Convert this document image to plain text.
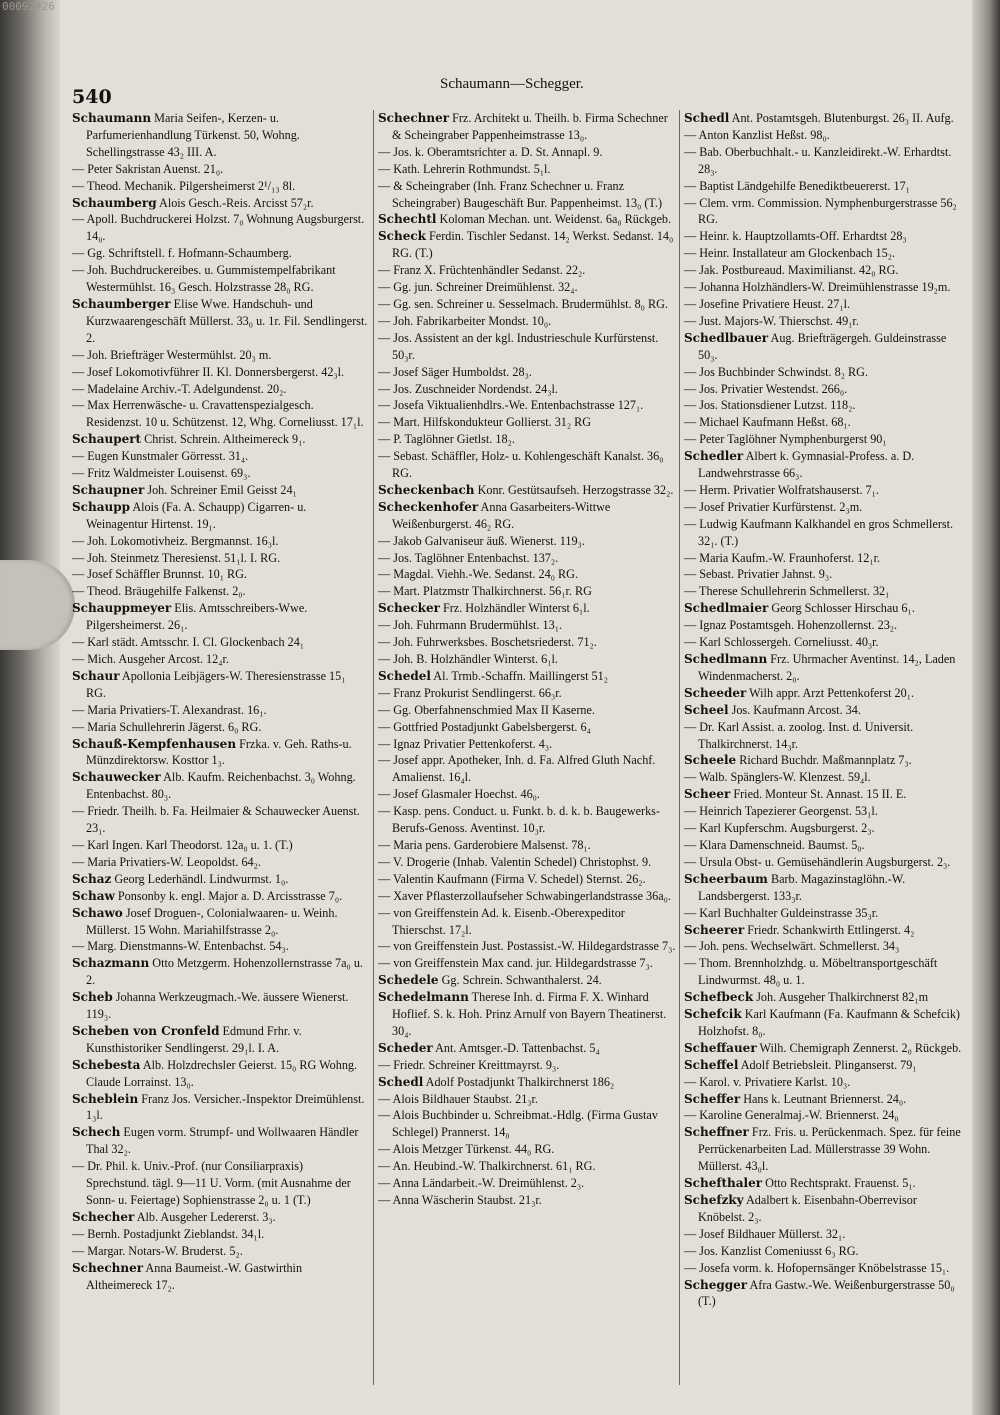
00092426
540
Schaumann—Schegger.

Schaumann Maria Seifen-, Kerzen- u. Parfumerienhandlung Türkenst. 50, Wohng. Schellingstrasse 43₂ III. A.

— Peter Sakristan Auenst. 21₀.

— Theod. Mechanik. Pilgersheimerst 2¹/₁₃ 8l.

Schaumberg Alois Gesch.-Reis. Arcisst 57₂r.

— Apoll. Buchdruckerei Holzst. 7₀ Wohnung Augsburgerst. 14₀.

— Gg. Schriftstell. f. Hofmann-Schaumberg.

— Joh. Buchdruckereibes. u. Gummistempelfabrikant Westermühlst. 16₃ Gesch. Holzstrasse 28₀ RG.

Schaumberger Elise Wwe. Handschuh- und Kurzwaarengeschäft Müllerst. 33₀ u. 1r. Fil. Sendlingerst. 2.

— Joh. Briefträger Westermühlst. 20₃ m.

— Josef Lokomotivführer II. Kl. Donnersbergerst. 42₃l.

— Madelaine Archiv.-T. Adelgundenst. 20₂.

— Max Herrenwäsche- u. Cravattenspezialgesch. Residenzst. 10 u. Schützenst. 12, Whg. Corneliusst. 17₁l.

Schaupert Christ. Schrein. Altheimereck 9₁.

— Eugen Kunstmaler Görresst. 31₄.

— Fritz Waldmeister Louisenst. 69₃.

Schaupner Joh. Schreiner Emil Geisst 24₁

Schaupp Alois (Fa. A. Schaupp) Cigarren- u. Weinagentur Hirtenst. 19₁.

— Joh. Lokomotivheiz. Bergmannst. 16₃l.

— Joh. Steinmetz Theresienst. 51₁l. I. RG.

— Josef Schäffler Brunnst. 10₁ RG.

— Theod. Bräugehilfe Falkenst. 2₀.

Schauppmeyer Elis. Amtsschreibers-Wwe. Pilgersheimerst. 26₁.

— Karl städt. Amtsschr. I. Cl. Glockenbach 24₁

— Mich. Ausgeher Arcost. 12₄r.

Schaur Apollonia Leibjägers-W. Theresienstrasse 15₁ RG.

— Maria Privatiers-T. Alexandrast. 16₁.

— Maria Schullehrerin Jägerst. 6₀ RG.

Schauß-Kempfenhausen Frzka. v. Geh. Raths-u. Münzdirektorsw. Kosttor 1₃.

Schauwecker Alb. Kaufm. Reichenbachst. 3₀ Wohng. Entenbachst. 80₃.

— Friedr. Theilh. b. Fa. Heilmaier & Schauwecker Auenst. 23₁.

— Karl Ingen. Karl Theodorst. 12a₀ u. 1. (T.)

— Maria Privatiers-W. Leopoldst. 64₂.

Schaz Georg Lederhändl. Lindwurmst. 1₀.

Schaw Ponsonby k. engl. Major a. D. Arcisstrasse 7₀.

Schawo Josef Droguen-, Colonialwaaren- u. Weinh. Müllerst. 15 Wohn. Mariahilfstrasse 2₀.

— Marg. Dienstmanns-W. Entenbachst. 54₃.

Schazmann Otto Metzgerm. Hohenzollernstrasse 7a₀ u. 2.

Scheb Johanna Werkzeugmach.-We. äussere Wienerst. 119₃.

Scheben von Cronfeld Edmund Frhr. v. Kunsthistoriker Sendlingerst. 29₁l. I. A.

Schebesta Alb. Holzdrechsler Geierst. 15₀ RG Wohng. Claude Lorrainst. 13₀.

Scheblein Franz Jos. Versicher.-Inspektor Dreimühlenst. 1₃l.

Schech Eugen vorm. Strumpf- und Wollwaaren Händler Thal 32₂.

— Dr. Phil. k. Univ.-Prof. (nur Consiliarpraxis) Sprechstund. tägl. 9—11 U. Vorm. (mit Ausnahme der Sonn- u. Feiertage) Sophienstrasse 2₀ u. 1 (T.)

Schecher Alb. Ausgeher Ledererst. 3₃.

— Bernh. Postadjunkt Zieblandst. 34₁l.

— Margar. Notars-W. Bruderst. 5₂.

Schechner Anna Baumeist.-W. Gastwirthin Altheimereck 17₂.

Schechner Frz. Architekt u. Theilh. b. Firma Schechner & Scheingraber Pappenheimstrasse 13₀.

— Jos. k. Oberamtsrichter a. D. St. Annapl. 9.

— Kath. Lehrerin Rothmundst. 5₁l.

— & Scheingraber (Inh. Franz Schechner u. Franz Scheingraber) Baugeschäft Bur. Pappenheimst. 13₀ (T.)

Schechtl Koloman Mechan. unt. Weidenst. 6a₀ Rückgeb.

Scheck Ferdin. Tischler Sedanst. 14₂ Werkst. Sedanst. 14₀ RG. (T.)

— Franz X. Früchtenhändler Sedanst. 22₂.

— Gg. jun. Schreiner Dreimühlenst. 32₄.

— Gg. sen. Schreiner u. Sesselmach. Brudermühlst. 8₀ RG.

— Joh. Fabrikarbeiter Mondst. 10₀.

— Jos. Assistent an der kgl. Industrieschule Kurfürstenst. 50₃r.

— Josef Säger Humboldst. 28₃.

— Jos. Zuschneider Nordendst. 24₃l.

— Josefa Viktualienhdlrs.-We. Entenbachstrasse 127₁.

— Mart. Hilfskondukteur Gollierst. 31₂ RG

— P. Taglöhner Gietlst. 18₂.

— Sebast. Schäffler, Holz- u. Kohlengeschäft Kanalst. 36₀ RG.

Scheckenbach Konr. Gestütsaufseh. Herzogstrasse 32₂.

Scheckenhofer Anna Gasarbeiters-Wittwe Weißenburgerst. 46₂ RG.

— Jakob Galvaniseur äuß. Wienerst. 119₃.

— Jos. Taglöhner Entenbachst. 137₂.

— Magdal. Viehh.-We. Sedanst. 24₀ RG.

— Mart. Platzmstr Thalkirchnerst. 56₁r. RG

Schecker Frz. Holzhändler Winterst 6₁l.

— Joh. Fuhrmann Brudermühlst. 13₁.

— Joh. Fuhrwerksbes. Boschetsriederst. 71₂.

— Joh. B. Holzhändler Winterst. 6₁l.

Schedel Al. Trmb.-Schaffn. Maillingerst 51₂

— Franz Prokurist Sendlingerst. 66₃r.

— Gg. Oberfahnenschmied Max II Kaserne.

— Gottfried Postadjunkt Gabelsbergerst. 6₄

— Ignaz Privatier Pettenkoferst. 4₃.

— Josef appr. Apotheker, Inh. d. Fa. Alfred Gluth Nachf. Amalienst. 16₄l.

— Josef Glasmaler Hoechst. 46₀.

— Kasp. pens. Conduct. u. Funkt. b. d. k. b. Baugewerks-Berufs-Genoss. Aventinst. 10₃r.

— Maria pens. Garderobiere Malsenst. 78₁.

— V. Drogerie (Inhab. Valentin Schedel) Christophst. 9.

— Valentin Kaufmann (Firma V. Schedel) Sternst. 26₂.

— Xaver Pflasterzollaufseher Schwabingerlandstrasse 36a₀.

— von Greiffenstein Ad. k. Eisenb.-Oberexpeditor Thierschst. 17₂l.

— von Greiffenstein Just. Postassist.-W. Hildegardstrasse 7₃.

— von Greiffenstein Max cand. jur. Hildegardstrasse 7₃.

Schedele Gg. Schrein. Schwanthalerst. 24.

Schedelmann Therese Inh. d. Firma F. X. Winhard Hoflief. S. k. Hoh. Prinz Arnulf von Bayern Theatinerst. 30₄.

Scheder Ant. Amtsger.-D. Tattenbachst. 5₄

— Friedr. Schreiner Kreittmayrst. 9₃.

Schedl Adolf Postadjunkt Thalkirchnerst 186₂

— Alois Bildhauer Staubst. 21₃r.

— Alois Buchbinder u. Schreibmat.-Hdlg. (Firma Gustav Schlegel) Prannerst. 14₀

— Alois Metzger Türkenst. 44₀ RG.

— An. Heubind.-W. Thalkirchnerst. 61₁ RG.

— Anna Ländarbeit.-W. Dreimühlenst. 2₃.

— Anna Wäscherin Staubst. 21₃r.

Schedl Ant. Postamtsgeh. Blutenburgst. 26₃ II. Aufg.

— Anton Kanzlist Heßst. 98₀.

— Bab. Oberbuchhalt.- u. Kanzleidirekt.-W. Erhardtst. 28₃.

— Baptist Ländgehilfe Benediktbeuererst. 17₁

— Clem. vrm. Commission. Nymphenburgerstrasse 56₂ RG.

— Heinr. k. Hauptzollamts-Off. Erhardtst 28₃

— Heinr. Installateur am Glockenbach 15₂.

— Jak. Postbureaud. Maximilianst. 42₀ RG.

— Johanna Holzhändlers-W. Dreimühlenstrasse 19₂m.

— Josefine Privatiere Heust. 27₁l.

— Just. Majors-W. Thierschst. 49₁r.

Schedlbauer Aug. Briefträgergeh. Guldeinstrasse 50₃.

— Jos Buchbinder Schwindst. 8₂ RG.

— Jos. Privatier Westendst. 266₀.

— Jos. Stationsdiener Lutzst. 118₂.

— Michael Kaufmann Heßst. 68₁.

— Peter Taglöhner Nymphenburgerst 90₁

Schedler Albert k. Gymnasial-Profess. a. D. Landwehrstrasse 66₃.

— Herm. Privatier Wolfratshauserst. 7₁.

— Josef Privatier Kurfürstenst. 2₃m.

— Ludwig Kaufmann Kalkhandel en gros Schmellerst. 32₁. (T.)

— Maria Kaufm.-W. Fraunhoferst. 12₁r.

— Sebast. Privatier Jahnst. 9₃.

— Therese Schullehrerin Schmellerst. 32₁

Schedlmaier Georg Schlosser Hirschau 6₁.

— Ignaz Postamtsgeh. Hohenzollernst. 23₂.

— Karl Schlossergeh. Corneliusst. 40₃r.

Schedlmann Frz. Uhrmacher Aventinst. 14₂, Laden Windenmacherst. 2₀.

Scheeder Wilh appr. Arzt Pettenkoferst 20₁.

Scheel Jos. Kaufmann Arcost. 34.

— Dr. Karl Assist. a. zoolog. Inst. d. Universit. Thalkirchnerst. 14₃r.

Scheele Richard Buchdr. Maßmannplatz 7₃.

— Walb. Spänglers-W. Klenzest. 59₄l.

Scheer Fried. Monteur St. Annast. 15 II. E.

— Heinrich Tapezierer Georgenst. 53₁l.

— Karl Kupferschm. Augsburgerst. 2₃.

— Klara Damenschneid. Baumst. 5₀.

— Ursula Obst- u. Gemüsehändlerin Augsburgerst. 2₃.

Scheerbaum Barb. Magazinstaglöhn.-W. Landsbergerst. 133₃r.

— Karl Buchhalter Guldeinstrasse 35₃r.

Scheerer Friedr. Schankwirth Ettlingerst. 4₂

— Joh. pens. Wechselwärt. Schmellerst. 34₃

— Thom. Brennholzhdg. u. Möbeltransportgeschäft Lindwurmst. 48₀ u. 1.

Schefbeck Joh. Ausgeher Thalkirchnerst 82₁m

Schefcik Karl Kaufmann (Fa. Kaufmann & Schefcik) Holzhofst. 8₀.

Scheffauer Wilh. Chemigraph Zennerst. 2₀ Rückgeb.

Scheffel Adolf Betriebsleit. Plinganserst. 79₁

— Karol. v. Privatiere Karlst. 10₃.

Scheffer Hans k. Leutnant Briennerst. 24₀.

— Karoline Generalmaj.-W. Briennerst. 24₀

Scheffner Frz. Fris. u. Perückenmach. Spez. für feine Perrückenarbeiten Lad. Müllerstrasse 39 Wohn. Müllerst. 43₀l.

Schefthaler Otto Rechtsprakt. Frauenst. 5₁.

Schefzky Adalbert k. Eisenbahn-Oberrevisor Knöbelst. 2₃.

— Josef Bildhauer Müllerst. 32₁.

— Jos. Kanzlist Comeniusst 6₃ RG.

— Josefa vorm. k. Hofopernsänger Knöbelstrasse 15₁.

Schegger Afra Gastw.-We. Weißenburgerstrasse 50₀ (T.)
